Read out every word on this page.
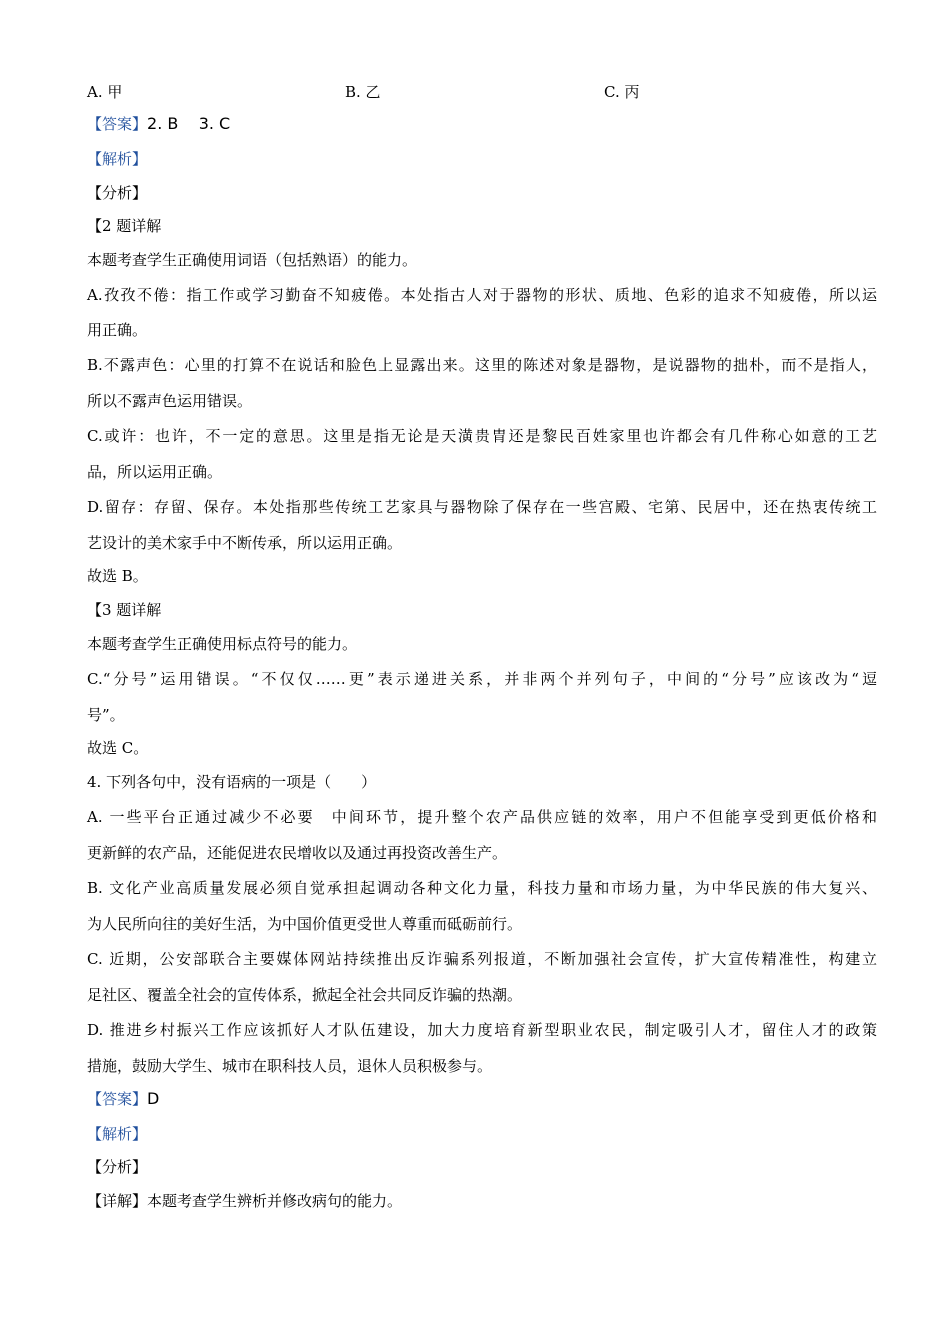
A. 甲	B. 乙	C. 丙
【答案】2. B    3. C
【解析】
【分析】
【2 题详解
本题考查学生正确使用词语（包括熟语）的能力。
A.孜孜不倦：指工作或学习勤奋不知疲倦。本处指古人对于器物的形状、质地、色彩的追求不知疲倦，所以运
用正确。
B.不露声色：心里的打算不在说话和脸色上显露出来。这里的陈述对象是器物，是说器物的拙朴，而不是指人，
所以不露声色运用错误。
C.或许：也许，不一定的意思。这里是指无论是天潢贵胄还是黎民百姓家里也许都会有几件称心如意的工艺
品，所以运用正确。
D.留存：存留、保存。本处指那些传统工艺家具与器物除了保存在一些宫殿、宅第、民居中，还在热衷传统工
艺设计的美术家手中不断传承，所以运用正确。
故选 B。
【3 题详解
本题考查学生正确使用标点符号的能力。
C.“分号”运用错误。“不仅仅……更”表示递进关系，并非两个并列句子，中间的“分号”应该改为“逗
号”。
故选 C。
4. 下列各句中，没有语病的一项是（　　）
A. 一些平台正通过减少不必要　中间环节，提升整个农产品供应链的效率，用户不但能享受到更低价格和
更新鲜的农产品，还能促进农民增收以及通过再投资改善生产。
B. 文化产业高质量发展必须自觉承担起调动各种文化力量，科技力量和市场力量，为中华民族的伟大复兴、
为人民所向往的美好生活，为中国价值更受世人尊重而砥砺前行。
C. 近期，公安部联合主要媒体网站持续推出反诈骗系列报道，不断加强社会宣传，扩大宣传精准性，构建立
足社区、覆盖全社会的宣传体系，掀起全社会共同反诈骗的热潮。
D. 推进乡村振兴工作应该抓好人才队伍建设，加大力度培育新型职业农民，制定吸引人才，留住人才的政策
措施，鼓励大学生、城市在职科技人员，退休人员积极参与。
【答案】D
【解析】
【分析】
【详解】本题考查学生辨析并修改病句的能力。
